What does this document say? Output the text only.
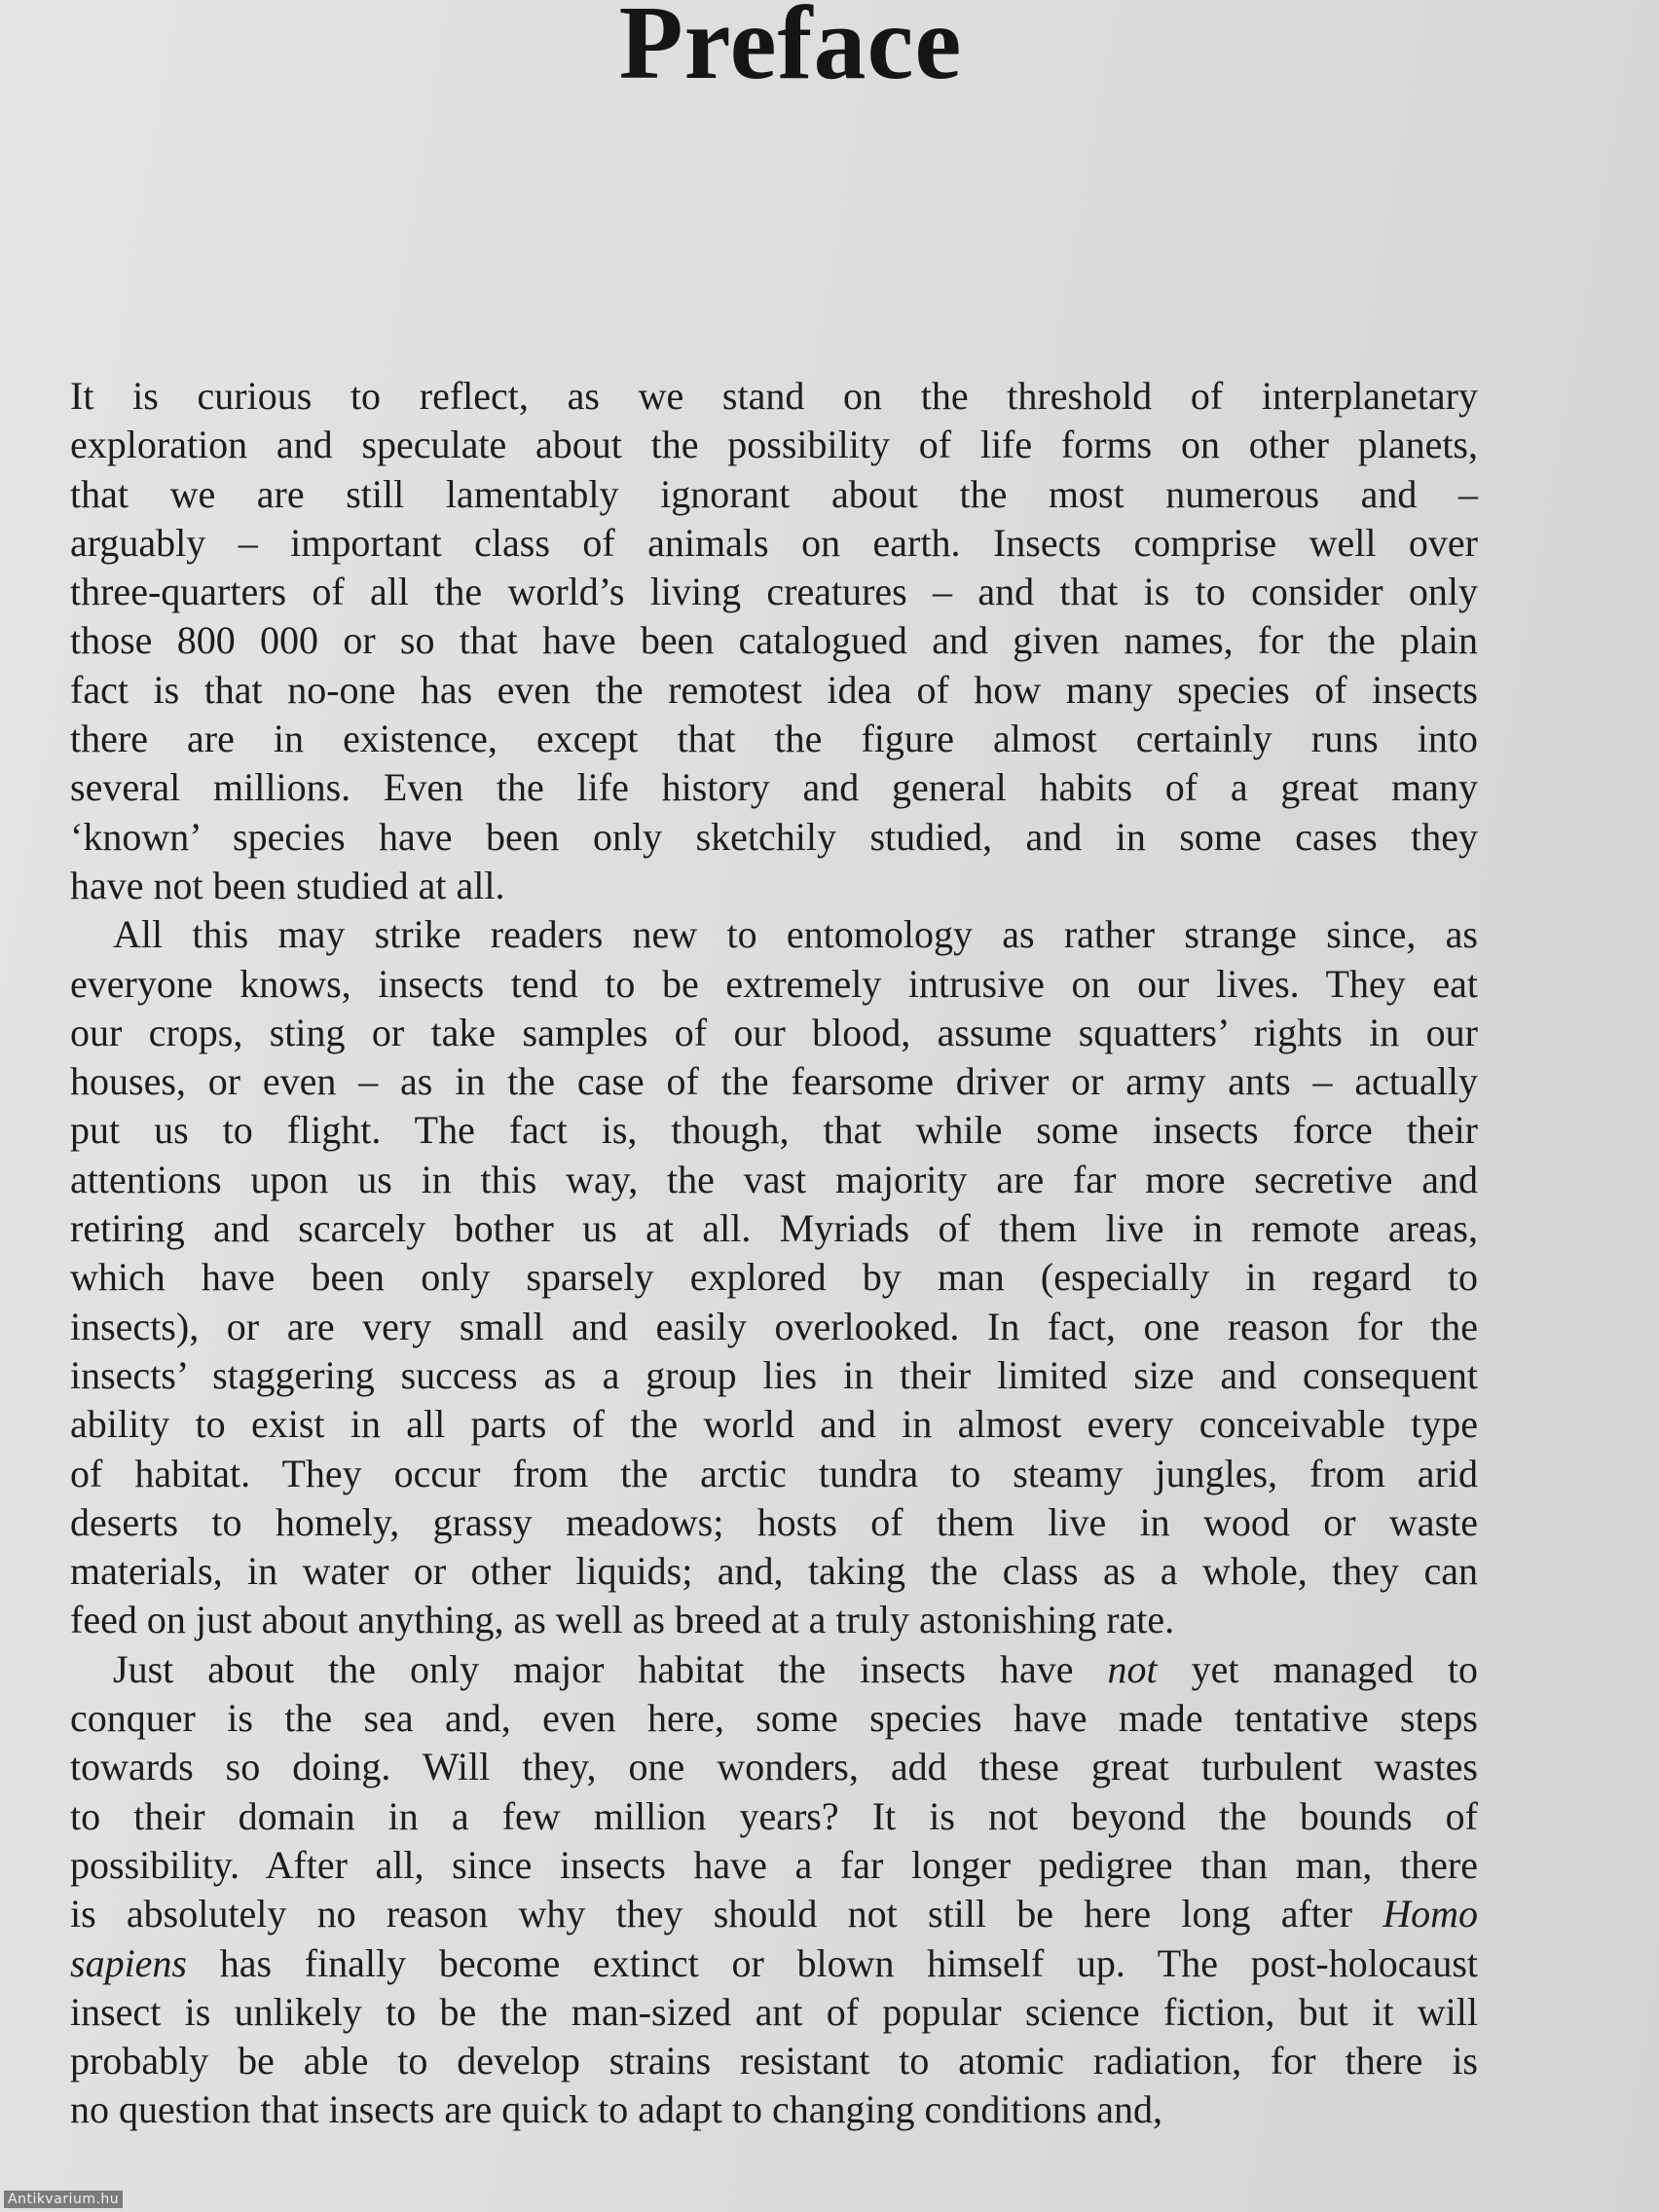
Preface
It is curious to reflect, as we stand on the threshold of interplanetary
exploration and speculate about the possibility of life forms on other planets,
that we are still lamentably ignorant about the most numerous and –
arguably – important class of animals on earth. Insects comprise well over
three-quarters of all the world’s living creatures – and that is to consider only
those 800 000 or so that have been catalogued and given names, for the plain
fact is that no-one has even the remotest idea of how many species of insects
there are in existence, except that the figure almost certainly runs into
several millions. Even the life history and general habits of a great many
‘known’ species have been only sketchily studied, and in some cases they
have not been studied at all.
All this may strike readers new to entomology as rather strange since, as
everyone knows, insects tend to be extremely intrusive on our lives. They eat
our crops, sting or take samples of our blood, assume squatters’ rights in our
houses, or even – as in the case of the fearsome driver or army ants – actually
put us to flight. The fact is, though, that while some insects force their
attentions upon us in this way, the vast majority are far more secretive and
retiring and scarcely bother us at all. Myriads of them live in remote areas,
which have been only sparsely explored by man (especially in regard to
insects), or are very small and easily overlooked. In fact, one reason for the
insects’ staggering success as a group lies in their limited size and consequent
ability to exist in all parts of the world and in almost every conceivable type
of habitat. They occur from the arctic tundra to steamy jungles, from arid
deserts to homely, grassy meadows; hosts of them live in wood or waste
materials, in water or other liquids; and, taking the class as a whole, they can
feed on just about anything, as well as breed at a truly astonishing rate.
Just about the only major habitat the insects have not yet managed to
conquer is the sea and, even here, some species have made tentative steps
towards so doing. Will they, one wonders, add these great turbulent wastes
to their domain in a few million years? It is not beyond the bounds of
possibility. After all, since insects have a far longer pedigree than man, there
is absolutely no reason why they should not still be here long after Homo
sapiens has finally become extinct or blown himself up. The post-holocaust
insect is unlikely to be the man-sized ant of popular science fiction, but it will
probably be able to develop strains resistant to atomic radiation, for there is
no question that insects are quick to adapt to changing conditions and,
Antikvarium.hu
